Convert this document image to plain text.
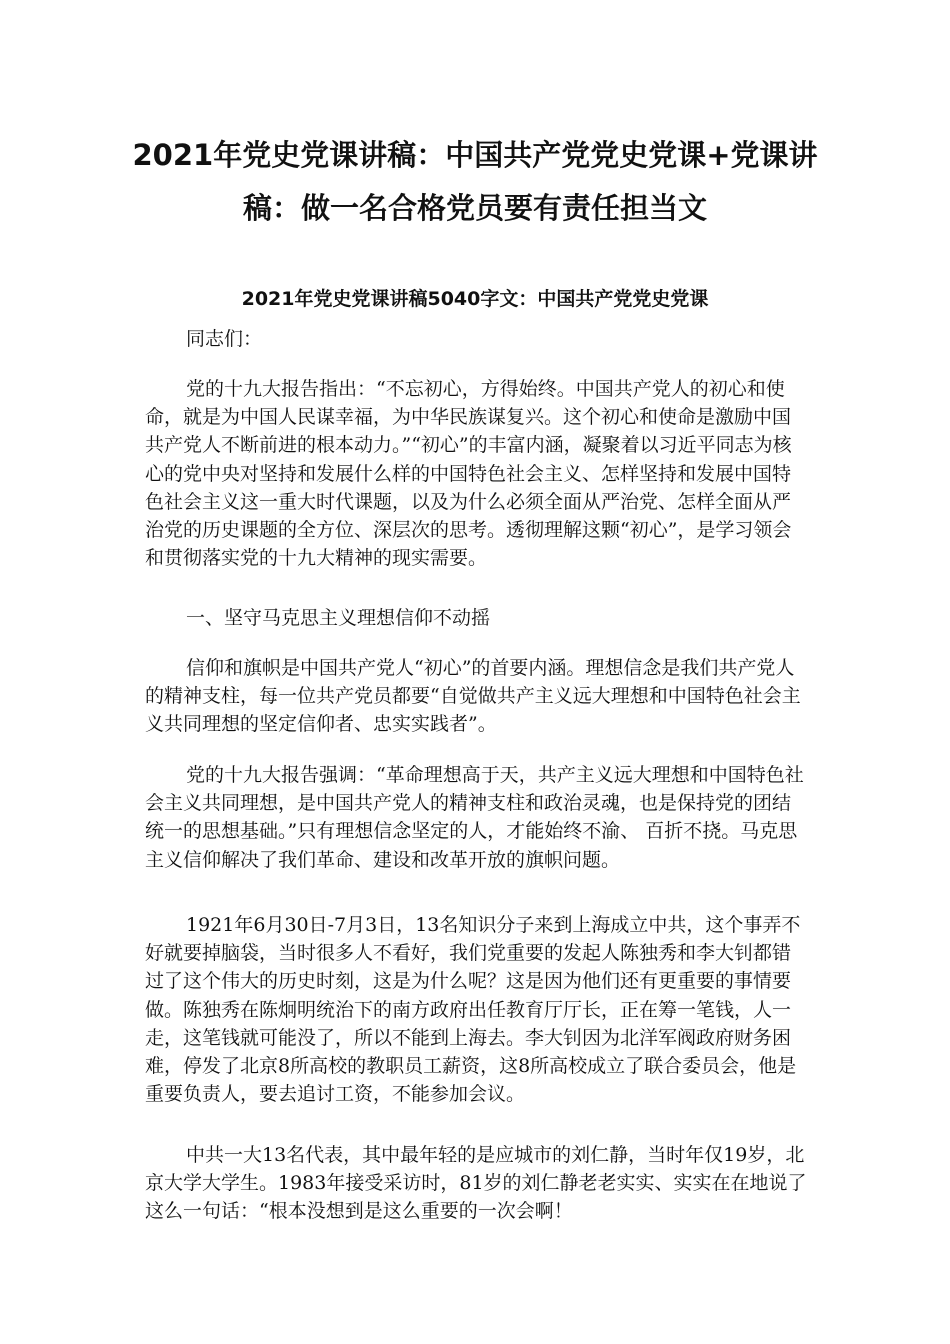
2021年党史党课讲稿：中国共产党党史党课+党课讲稿：做一名合格党员要有责任担当文
2021年党史党课讲稿5040字文：中国共产党党史党课

同志们：

党的十九大报告指出：“不忘初心，方得始终。中国共产党人的初心和使命，就是为中国人民谋幸福，为中华民族谋复兴。这个初心和使命是激励中国共产党人不断前进的根本动力。”“初心”的丰富内涵，凝聚着以习近平同志为核心的党中央对坚持和发展什么样的中国特色社会主义、怎样坚持和发展中国特色社会主义这一重大时代课题，以及为什么必须全面从严治党、怎样全面从严治党的历史课题的全方位、深层次的思考。透彻理解这颗“初心”，是学习领会和贯彻落实党的十九大精神的现实需要。

一、坚守马克思主义理想信仰不动摇

信仰和旗帜是中国共产党人“初心”的首要内涵。理想信念是我们共产党人的精神支柱，每一位共产党员都要“自觉做共产主义远大理想和中国特色社会主义共同理想的坚定信仰者、忠实实践者”。

党的十九大报告强调：“革命理想高于天，共产主义远大理想和中国特色社会主义共同理想，是中国共产党人的精神支柱和政治灵魂，也是保持党的团结统一的思想基础。”只有理想信念坚定的人，才能始终不渝、 百折不挠。马克思主义信仰解决了我们革命、建设和改革开放的旗帜问题。

1921年6月30日-7月3日，13名知识分子来到上海成立中共，这个事弄不好就要掉脑袋，当时很多人不看好，我们党重要的发起人陈独秀和李大钊都错过了这个伟大的历史时刻，这是为什么呢？这是因为他们还有更重要的事情要做。陈独秀在陈炯明统治下的南方政府出任教育厅厅长，正在筹一笔钱，人一走，这笔钱就可能没了，所以不能到上海去。李大钊因为北洋军阀政府财务困难，停发了北京8所高校的教职员工薪资，这8所高校成立了联合委员会，他是重要负责人，要去追讨工资，不能参加会议。

中共一大13名代表，其中最年轻的是应城市的刘仁静，当时年仅19岁，北京大学大学生。1983年接受采访时，81岁的刘仁静老老实实、实实在在地说了这么一句话：“根本没想到是这么重要的一次会啊！
